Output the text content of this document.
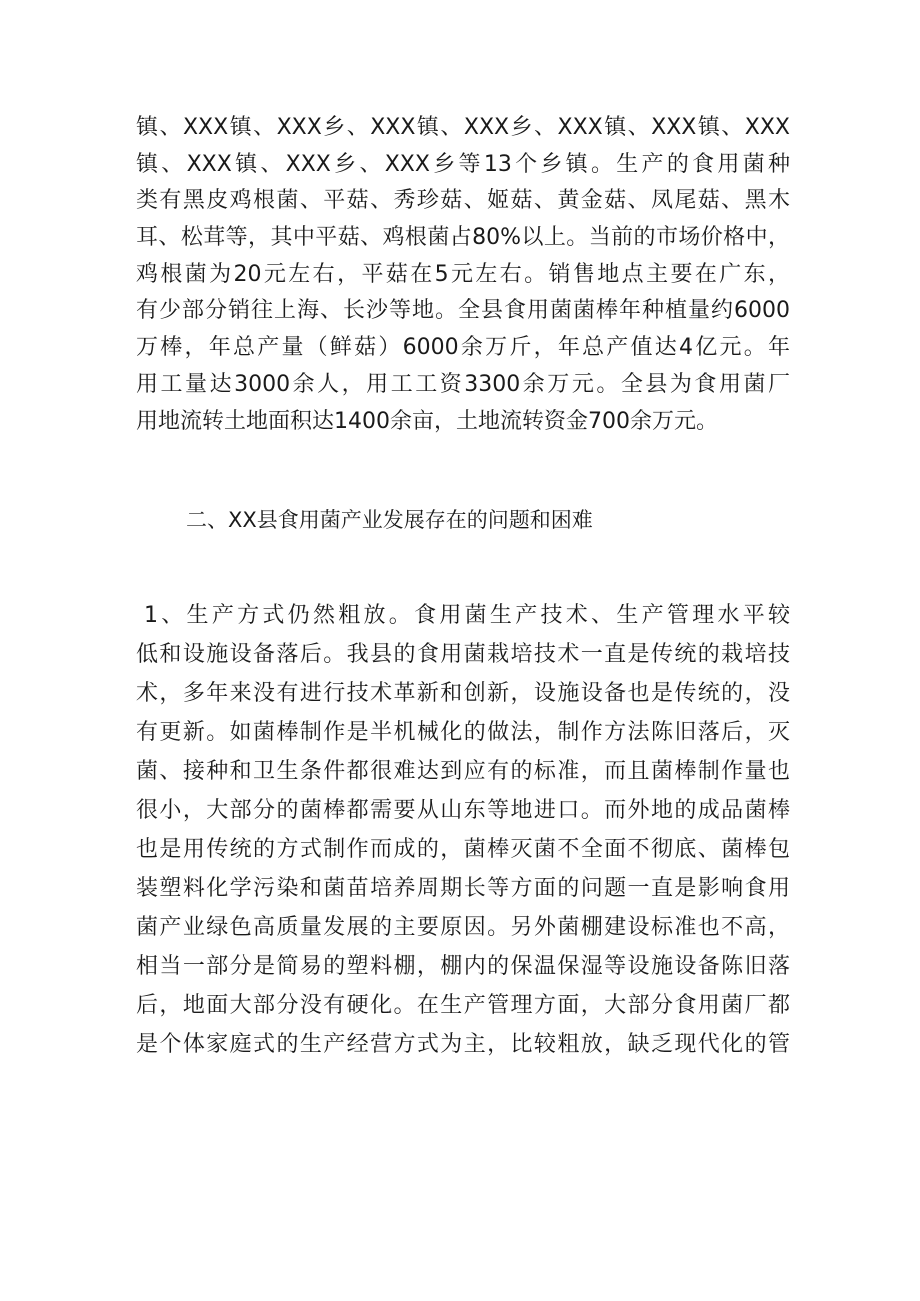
镇、XXX镇、XXX乡、XXX镇、XXX乡、XXX镇、XXX镇、XXX
镇、XXX镇、XXX乡、XXX乡等13个乡镇。生产的食用菌种
类有黑皮鸡根菌、平菇、秀珍菇、姬菇、黄金菇、凤尾菇、黑木
耳、松茸等，其中平菇、鸡根菌占80%以上。当前的市场价格中，
鸡根菌为20元左右，平菇在5元左右。销售地点主要在广东，
有少部分销往上海、长沙等地。全县食用菌菌棒年种植量约6000
万棒，年总产量（鲜菇）6000余万斤，年总产值达4亿元。年
用工量达3000余人，用工工资3300余万元。全县为食用菌厂
用地流转土地面积达1400余亩，土地流转资金700余万元。
二、XX县食用菌产业发展存在的问题和困难
1、生产方式仍然粗放。食用菌生产技术、生产管理水平较
低和设施设备落后。我县的食用菌栽培技术一直是传统的栽培技
术，多年来没有进行技术革新和创新，设施设备也是传统的，没
有更新。如菌棒制作是半机械化的做法，制作方法陈旧落后，灭
菌、接种和卫生条件都很难达到应有的标准，而且菌棒制作量也
很小，大部分的菌棒都需要从山东等地进口。而外地的成品菌棒
也是用传统的方式制作而成的，菌棒灭菌不全面不彻底、菌棒包
装塑料化学污染和菌苗培养周期长等方面的问题一直是影响食用
菌产业绿色高质量发展的主要原因。另外菌棚建设标准也不高，
相当一部分是简易的塑料棚，棚内的保温保湿等设施设备陈旧落
后，地面大部分没有硬化。在生产管理方面，大部分食用菌厂都
是个体家庭式的生产经营方式为主，比较粗放，缺乏现代化的管
